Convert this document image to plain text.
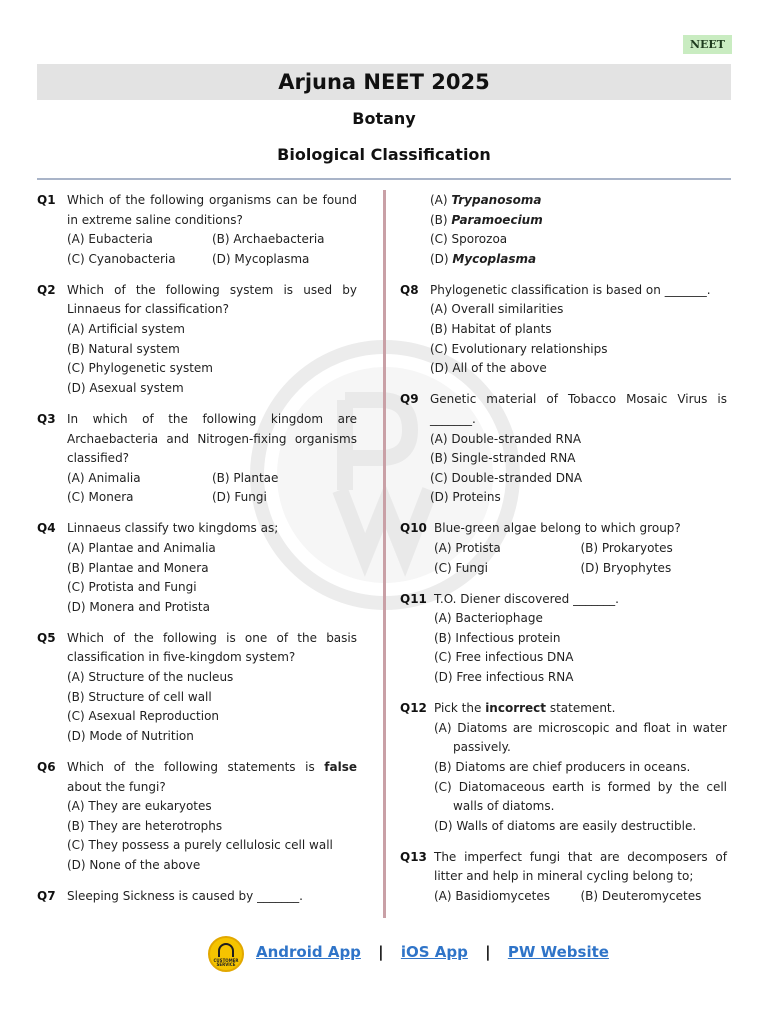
NEET
Arjuna NEET 2025
Botany
Biological Classification
Q1 Which of the following organisms can be found in extreme saline conditions?
(A) Eubacteria	(B) Archaebacteria
(C) Cyanobacteria	(D) Mycoplasma
Q2 Which of the following system is used by Linnaeus for classification?
(A) Artificial system
(B) Natural system
(C) Phylogenetic system
(D) Asexual system
Q3 In which of the following kingdom are Archaebacteria and Nitrogen-fixing organisms classified?
(A) Animalia	(B) Plantae
(C) Monera	(D) Fungi
Q4 Linnaeus classify two kingdoms as;
(A) Plantae and Animalia
(B) Plantae and Monera
(C) Protista and Fungi
(D) Monera and Protista
Q5 Which of the following is one of the basis classification in five-kingdom system?
(A) Structure of the nucleus
(B) Structure of cell wall
(C) Asexual Reproduction
(D) Mode of Nutrition
Q6 Which of the following statements is false about the fungi?
(A) They are eukaryotes
(B) They are heterotrophs
(C) They possess a purely cellulosic cell wall
(D) None of the above
Q7 Sleeping Sickness is caused by _______.
(A) Trypanosoma
(B) Paramoecium
(C) Sporozoa
(D) Mycoplasma
Q8 Phylogenetic classification is based on _______.
(A) Overall similarities
(B) Habitat of plants
(C) Evolutionary relationships
(D) All of the above
Q9 Genetic material of Tobacco Mosaic Virus is _______.
(A) Double-stranded RNA
(B) Single-stranded RNA
(C) Double-stranded DNA
(D) Proteins
Q10 Blue-green algae belong to which group?
(A) Protista	(B) Prokaryotes
(C) Fungi	(D) Bryophytes
Q11 T.O. Diener discovered _______.
(A) Bacteriophage
(B) Infectious protein
(C) Free infectious DNA
(D) Free infectious RNA
Q12 Pick the incorrect statement.
(A) Diatoms are microscopic and float in water passively.
(B) Diatoms are chief producers in oceans.
(C) Diatomaceous earth is formed by the cell walls of diatoms.
(D) Walls of diatoms are easily destructible.
Q13 The imperfect fungi that are decomposers of litter and help in mineral cycling belong to;
(A) Basidiomycetes	(B) Deuteromycetes
CUSTOMER SERVICE
Android App | iOS App | PW Website
